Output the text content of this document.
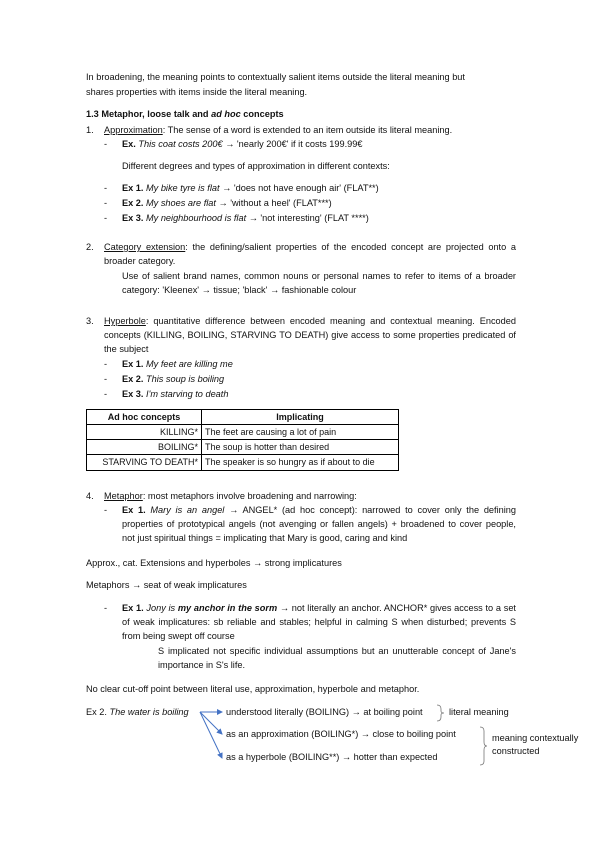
In broadening, the meaning points to contextually salient items outside the literal meaning but
shares properties with items inside the literal meaning.
1.3 Metaphor, loose talk and ad hoc concepts
1. Approximation: The sense of a word is extended to an item outside its literal meaning.
- Ex. This coat costs 200€ → 'nearly 200€' if it costs 199.99€
Different degrees and types of approximation in different contexts:
- Ex 1. My bike tyre is flat → 'does not have enough air' (FLAT**)
- Ex 2. My shoes are flat → 'without a heel' (FLAT***)
- Ex 3. My neighbourhood is flat → 'not interesting' (FLAT ****)
2. Category extension: the defining/salient properties of the encoded concept are projected onto a broader category.
Use of salient brand names, common nouns or personal names to refer to items of a broader category: 'Kleenex' → tissue; 'black' → fashionable colour
3. Hyperbole: quantitative difference between encoded meaning and contextual meaning. Encoded concepts (KILLING, BOILING, STARVING TO DEATH) give access to some properties predicated of the subject
- Ex 1. My feet are killing me
- Ex 2. This soup is boiling
- Ex 3. I'm starving to death
Ad hoc concepts	Implicating
KILLING*	The feet are causing a lot of pain
BOILING*	The soup is hotter than desired
STARVING TO DEATH*	The speaker is so hungry as if about to die
4. Metaphor: most metaphors involve broadening and narrowing:
- Ex 1. Mary is an angel → ANGEL* (ad hoc concept): narrowed to cover only the defining properties of prototypical angels (not avenging or fallen angels) + broadened to cover people, not just spiritual things = implicating that Mary is good, caring and kind
Approx., cat. Extensions and hyperboles → strong implicatures
Metaphors → seat of weak implicatures
- Ex 1. Jony is my anchor in the sorm → not literally an anchor. ANCHOR* gives access to a set of weak implicatures: sb reliable and stables; helpful in calming S when disturbed; prevents S from being swept off course
S implicated not specific individual assumptions but an unutterable concept of Jane's importance in S's life.
No clear cut-off point between literal use, approximation, hyperbole and metaphor.
Ex 2. The water is boiling	understood literally (BOILING) → at boiling point
as an approximation (BOILING*) → close to boiling point
as a hyperbole (BOILING**) → hotter than expected
literal meaning
meaning contextually
constructed
